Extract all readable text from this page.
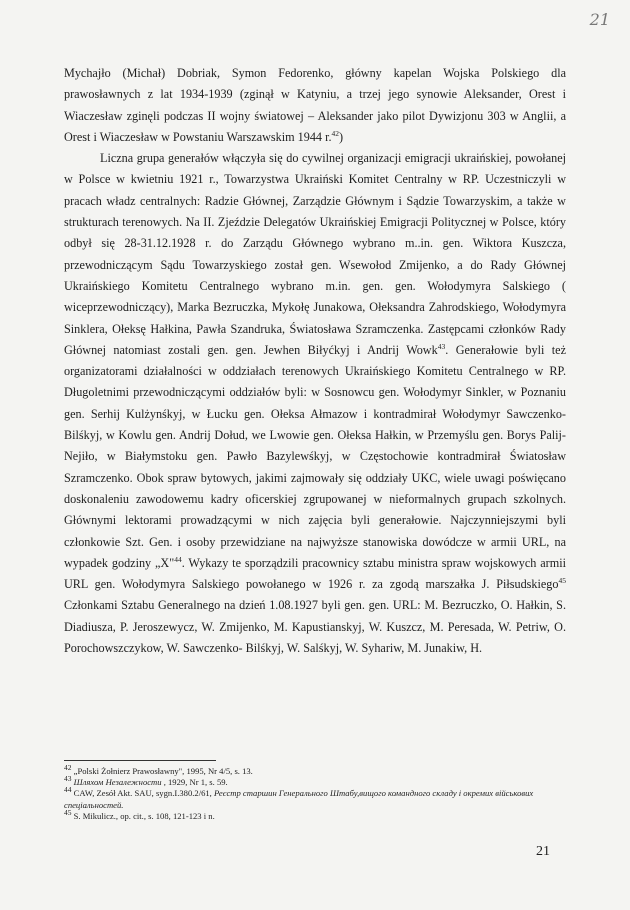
21

Mychajło (Michał) Dobriak, Symon Fedorenko, główny kapelan Wojska Polskiego dla prawosławnych z lat 1934-1939 (zginął w Katyniu, a trzej jego synowie Aleksander, Orest i Wiaczesław zginęli podczas II wojny światowej – Aleksander jako pilot Dywizjonu 303 w Anglii, a Orest i Wiaczesław w Powstaniu Warszawskim 1944 r.$^{42}$)

Liczna grupa generałów włączyła się do cywilnej organizacji emigracji ukraińskiej, powołanej w Polsce w kwietniu 1921 r., Towarzystwa Ukraiński Komitet Centralny w RP. Uczestniczyli w pracach władz centralnych: Radzie Głównej, Zarządzie Głównym i Sądzie Towarzyskim, a także w strukturach terenowych. Na II. Zjeździe Delegatów Ukraińskiej Emigracji Politycznej w Polsce, który odbył się 28-31.12.1928 r. do Zarządu Głównego wybrano m..in. gen. Wiktora Kuszcza, przewodniczącym Sądu Towarzyskiego został gen. Wsewołod Zmijenko, a do Rady Głównej Ukraińskiego Komitetu Centralnego wybrano m.in. gen. gen. Wołodymyra Salskiego ( wiceprzewodniczący), Marka Bezruczka, Mykołę Junakowa, Ołeksandra Zahrodskiego, Wołodymyra Sinklera, Ołeksę Hałkina, Pawła Szandruka, Światosława Szramczenka. Zastępcami członków Rady Głównej natomiast zostali gen. gen. Jewhen Biłyćkyj i Andrij Wowk$^{43}$. Generałowie byli też organizatorami działalności w oddziałach terenowych Ukraińskiego Komitetu Centralnego w RP. Długoletnimi przewodniczącymi oddziałów byli: w Sosnowcu gen. Wołodymyr Sinkler, w Poznaniu gen. Serhij Kulżynśkyj, w Łucku gen. Ołeksa Ałmazow i kontradmirał Wołodymyr Sawczenko-Bilśkyj, w Kowlu gen. Andrij Dołud, we Lwowie gen. Ołeksa Hałkin, w Przemyślu gen. Borys Palij-Nejiło, w Białymstoku gen. Pawło Bazylewśkyj, w Częstochowie kontradmirał Światosław Szramczenko. Obok spraw bytowych, jakimi zajmowały się oddziały UKC, wiele uwagi poświęcano doskonaleniu zawodowemu kadry oficerskiej zgrupowanej w nieformalnych grupach szkolnych. Głównymi lektorami prowadzącymi w nich zajęcia byli generałowie. Najczynniejszymi byli członkowie Szt. Gen. i osoby przewidziane na najwyższe stanowiska dowódcze w armii URL, na wypadek godziny „X"$^{44}$. Wykazy te sporządzili pracownicy sztabu ministra spraw wojskowych armii URL gen. Wołodymyra Salskiego powołanego w 1926 r. za zgodą marszałka J. Piłsudskiego$^{45}$ Członkami Sztabu Generalnego na dzień 1.08.1927 byli gen. gen. URL: M. Bezruczko, O. Hałkin, S. Diadiusza, P. Jeroszewycz, W. Zmijenko, M. Kapustianskyj, W. Kuszcz, M. Peresada, W. Petriw, O. Porochowszczykow, W. Sawczenko- Bilśkyj, W. Salśkyj, W. Syhariw, M. Junakiw, H.

$^{42}$ „Polski Żołnierz Prawosławny", 1995, Nr 4/5, s. 13.

$^{43}$ Шляхом Незалежности , 1929, Nr 1, s. 59.

$^{44}$ CAW, Zesół Akt. SAU, sygn.I.380.2/61, Реєстр старшин Генерального Штабу,вищого командного складу і окремих військових спеціальностей.

$^{45}$ S. Mikulicz., op. cit., s. 108, 121-123 i n.

21
